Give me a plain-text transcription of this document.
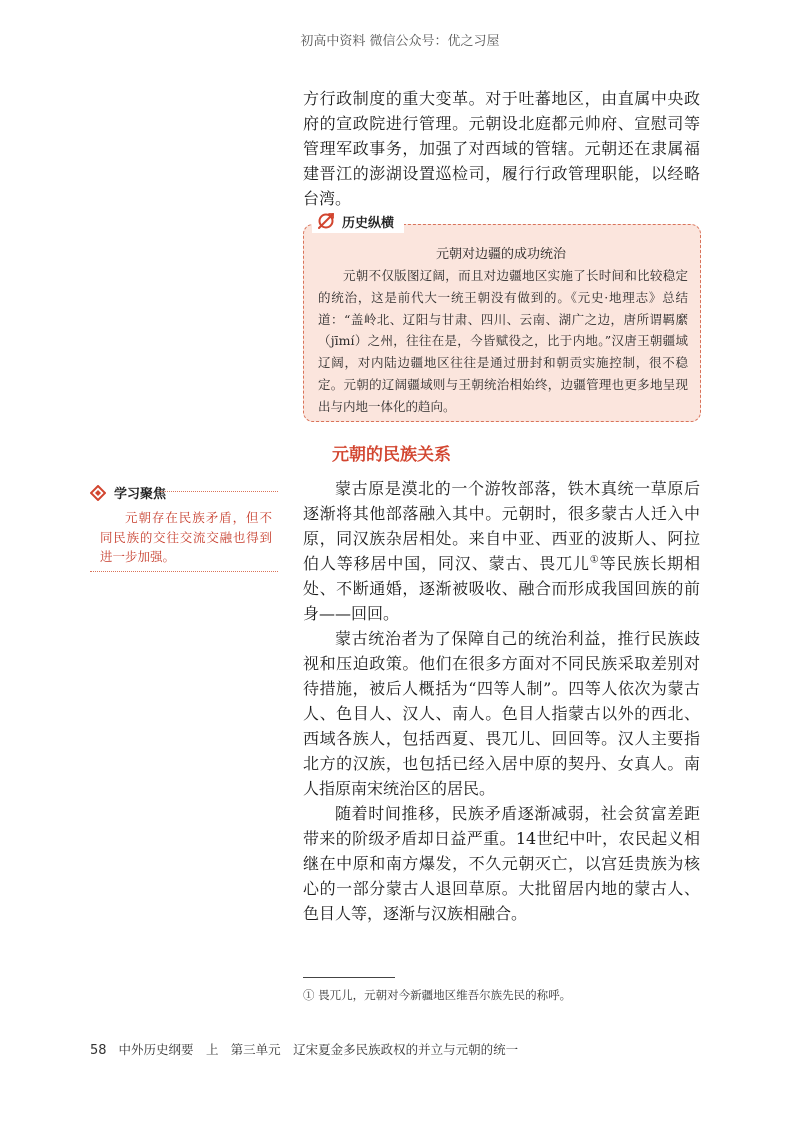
初高中资料 微信公众号：优之习屋

方行政制度的重大变革。对于吐蕃地区，由直属中央政府的宣政院进行管理。元朝设北庭都元帅府、宣慰司等管理军政事务，加强了对西域的管辖。元朝还在隶属福建晋江的澎湖设置巡检司，履行行政管理职能，以经略台湾。

历史纵横
元朝对边疆的成功统治

元朝不仅版图辽阔，而且对边疆地区实施了长时间和比较稳定的统治，这是前代大一统王朝没有做到的。《元史·地理志》总结道：“盖岭北、辽阳与甘肃、四川、云南、湖广之边，唐所谓羁縻（jīmí）之州，往往在是，今皆赋役之，比于内地。”汉唐王朝疆域辽阔，对内陆边疆地区往往是通过册封和朝贡实施控制，很不稳定。元朝的辽阔疆域则与王朝统治相始终，边疆管理也更多地呈现出与内地一体化的趋向。

元朝的民族关系
学习聚焦

元朝存在民族矛盾，但不同民族的交往交流交融也得到进一步加强。

蒙古原是漠北的一个游牧部落，铁木真统一草原后逐渐将其他部落融入其中。元朝时，很多蒙古人迁入中原，同汉族杂居相处。来自中亚、西亚的波斯人、阿拉伯人等移居中国，同汉、蒙古、畏兀儿①等民族长期相处、不断通婚，逐渐被吸收、融合而形成我国回族的前身——回回。

蒙古统治者为了保障自己的统治利益，推行民族歧视和压迫政策。他们在很多方面对不同民族采取差别对待措施，被后人概括为“四等人制”。四等人依次为蒙古人、色目人、汉人、南人。色目人指蒙古以外的西北、西域各族人，包括西夏、畏兀儿、回回等。汉人主要指北方的汉族，也包括已经入居中原的契丹、女真人。南人指原南宋统治区的居民。

随着时间推移，民族矛盾逐渐减弱，社会贫富差距带来的阶级矛盾却日益严重。14世纪中叶，农民起义相继在中原和南方爆发，不久元朝灭亡，以宫廷贵族为核心的一部分蒙古人退回草原。大批留居内地的蒙古人、色目人等，逐渐与汉族相融合。

① 畏兀儿，元朝对今新疆地区维吾尔族先民的称呼。
58 中外历史纲要　上 第三单元　辽宋夏金多民族政权的并立与元朝的统一
